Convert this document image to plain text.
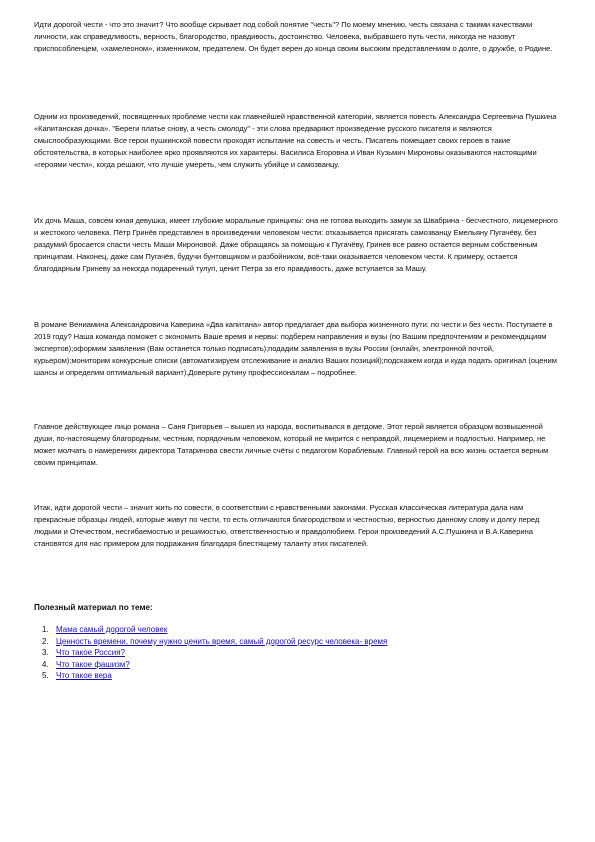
Идти дорогой чести - что это значит? Что вообще скрывает под собой понятие "честь"? По моему мнению, честь связана с такими качествами личности, как справедливость, верность, благородство, правдивость, достоинство. Человека, выбравшего путь чести, никогда не назовут приспособленцем, «хамелеоном», изменником, предателем. Он будет верен до конца своим высоким представлениям о долге, о дружбе, о Родине.

Одним из произведений, посвященных проблеме чести как главнейшей нравственной категории, является повесть Александра Сергеевича Пушкина «Капитанская дочка». "Береги платье снову, а честь смолоду" - эти слова предваряют произведение русского писателя и являются смыслообразующими. Все герои пушкинской повести проходят испытание на совесть и честь. Писатель помещает своих героев в такие обстоятельства, в которых наиболее ярко проявляются их характеры. Василиса Егоровна и Иван Кузьмич Мироновы оказываются настоящими «героями чести», когда решают, что лучше умереть, чем служить убийце и самозванцу.

Их дочь Маша, совсем юная девушка, имеет глубокие моральные принципы: она не готова выходить замуж за Швабрина - бесчестного, лицемерного и жестокого человека. Пётр Гринёв представлен в произведении человеком чести: отказывается присягать самозванцу Емельяну Пугачёву, без раздумий бросается спасти честь Маши Мироновой. Даже обращаясь за помощью к Пугачёву, Гринев все равно остается верным собственным принципам. Наконец, даже сам Пугачёв, будучи бунтовщиком и разбойником, всё-таки оказывается человеком чести. К примеру, остается благодарным Гриневу за некогда подаренный тулуп, ценит Петра за его правдивость, даже вступается за Машу.

В романе Вениамина Александровича Каверина «Два капитана» автор предлагает два выбора жизненного пути: по чести и без чести. Поступаете в 2019 году? Наша команда поможет с экономить Ваше время и нервы: подберем направления и вузы (по Вашим предпочтениям и рекомендациям экспертов);оформим заявления (Вам останется только подписать);подадим заявления в вузы России (онлайн, электронной почтой, курьером);мониторим конкурсные списки (автоматизируем отслеживание и анализ Ваших позиций);подскажем когда и куда подать оригинал (оценим шансы и определим оптимальный вариант).Доверьте рутину профессионалам – подробнее.

Главное действующее лицо романа – Саня Григорьев – вышел из народа, воспитывался в детдоме. Этот герой является образцом возвышенной души, по-настоящему благородным, честным, порядочным человеком, который не мирится с неправдой, лицемерием и подлостью. Например, не может молчать о намерениях директора Татаринова свести личные счёты с педагогом Кораблевым. Главный герой на всю жизнь остается верным своим принципам.

Итак, идти дорогой чести – значит жить по совести, в соответствии с нравственными законами. Русская классическая литература дала нам прекрасные образцы людей, которые живут по чести, то есть отличаются благородством и честностью, верностью данному слову и долгу перед людьми и Отечеством, несгибаемостью и решимостью, ответственностью и правдолюбием. Герои произведений А.С.Пушкина и В.А.Каверина становятся для нас примером для подражания благодаря блестящему таланту этих писателей.

Полезный материал по теме:
1. Мама самый дорогой человек
2. Ценность времени, почему нужно ценить время, самый дорогой ресурс человека- время
3. Что такое Россия?
4. Что такое фашизм?
5. Что такое вера
